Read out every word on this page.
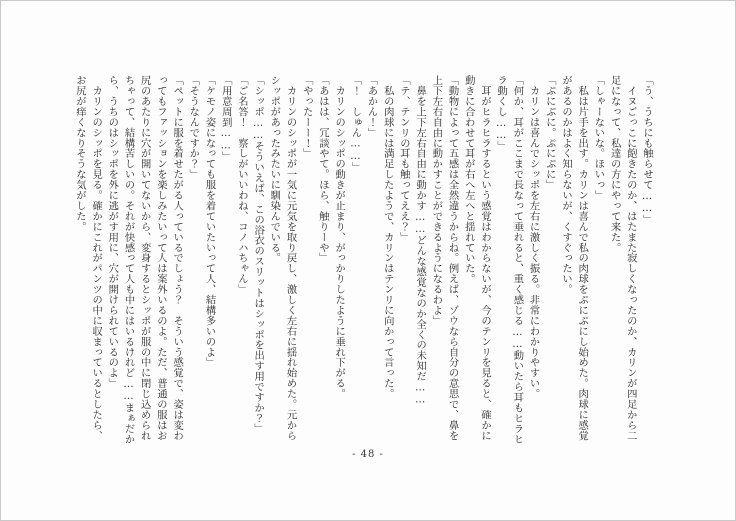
「う、うちにも触らせて……」

　イヌごっこに飽きたのか、はたまた寂しくなったのか、カリンが四足から二

足になって、私達の方にやって来た。

「しゃーないな。ほいっ」

　私は片手を出す。カリンは喜んで私の肉球をぷにぷにし始めた。肉球に感覚

があるのかはよく知らないが、くすぐったい。

「ぷにぷに。ぷにぷに」

　カリンは喜んでシッポを左右に激しく振る。非常にわかりやすい。

「何か、耳がここまで長なって垂れると、重く感じる……動いたら耳もヒラヒ

ラ動くし……」

　耳がヒラヒラするという感覚はわからないが、今のテンリを見ると、確かに

動きに合わせて耳が右へ左へと揺れていた。

「動物によって五感は全然違うからね。例えば、ゾウなら自分の意思で、鼻を

上下左右自由に動かすことができるようになるわよ」

　鼻を上下左右自由に動かす……どんな感覚なのか全くの未知だ……

「テ、テンリの耳も触ってええ？」

　私の肉球には満足したようで、カリンはテンリに向かって言った。

「あかん！」

「！　しゅん……」

　カリンのシッポの動きが止まり、がっかりしたように垂れ下がる。

「あはは、冗談やて。ほら、触りーや」

「やったーー！」

　カリンのシッポが一気に元気を取り戻し、激しく左右に揺れ始めた。元から

シッポがあったみたいに馴染んでいる。

「シッポ……そういえば、この浴衣のスリットはシッポを出す用ですか？」

「ご名答！　察しがいいわね、コノハちゃん」

「用意周到……」

「ケモノ姿になっても服を着ていたいって人、結構多いのよ」

「そうなんですか？」

「ペットに服を着せたがる人っているでしょう？　そういう感覚で、姿は変わ

ってもファッションを楽しみたいって人は案外いるのよ。ただ、普通の服はお

尻のあたりに穴が開いてないから、変身するとシッポが服の中に閉じ込められ

ちゃって、結構苦しいの。それが快感って人も中にはいるけれど……まぁだか

ら、うちのはシッポを外に逃がす用に、穴が開けられているのよ」

　カリンのシッポを見る。確かにこれがパンツの中に収まっているとしたら、

お尻が痒くなりそうな気がした。

- 48 -
